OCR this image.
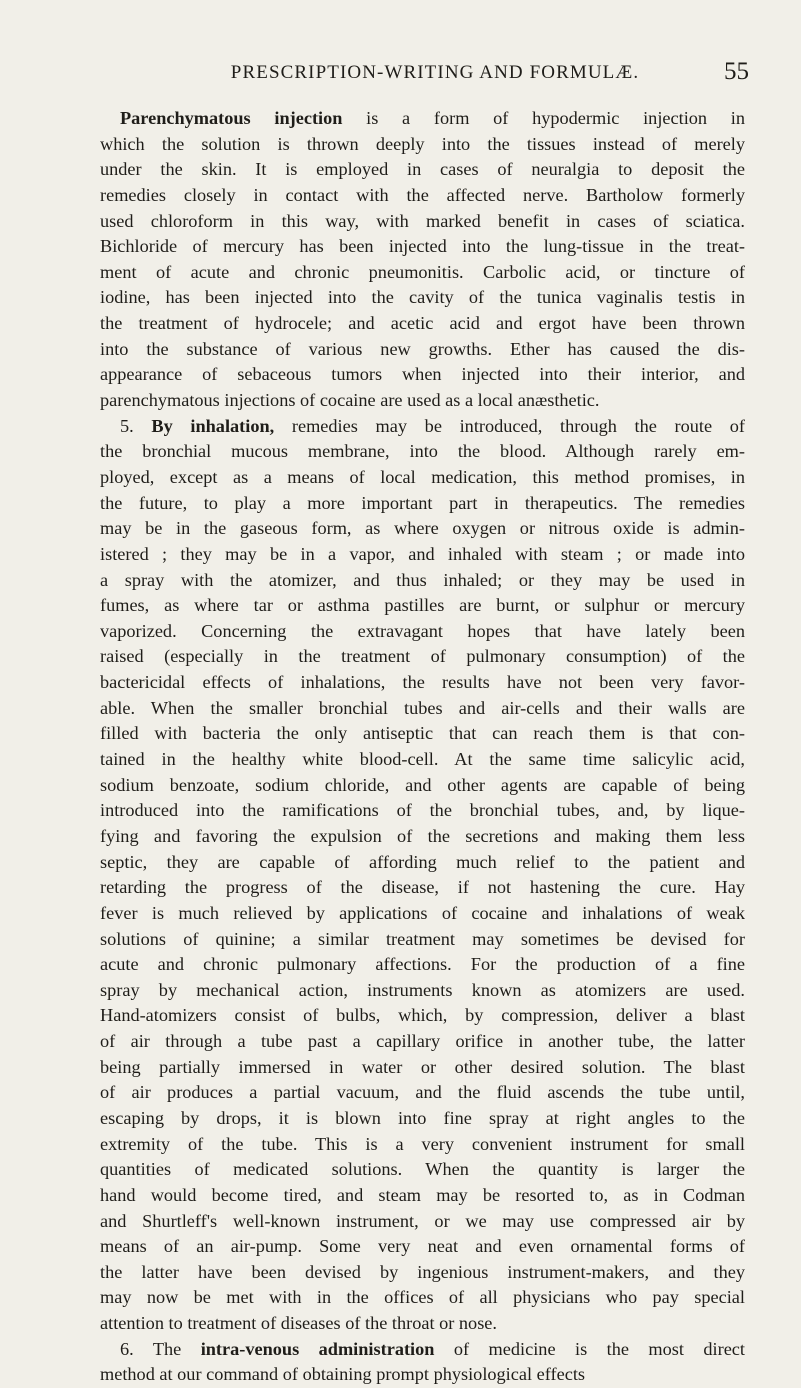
PRESCRIPTION-WRITING AND FORMULÆ.	55
Parenchymatous injection is a form of hypodermic injection in
which the solution is thrown deeply into the tissues instead of merely
under the skin. It is employed in cases of neuralgia to deposit the
remedies closely in contact with the affected nerve. Bartholow formerly
used chloroform in this way, with marked benefit in cases of sciatica.
Bichloride of mercury has been injected into the lung-tissue in the treat-
ment of acute and chronic pneumonitis. Carbolic acid, or tincture of
iodine, has been injected into the cavity of the tunica vaginalis testis in
the treatment of hydrocele; and acetic acid and ergot have been thrown
into the substance of various new growths. Ether has caused the dis-
appearance of sebaceous tumors when injected into their interior, and
parenchymatous injections of cocaine are used as a local anæsthetic.
5. By inhalation, remedies may be introduced, through the route of
the bronchial mucous membrane, into the blood. Although rarely em-
ployed, except as a means of local medication, this method promises, in
the future, to play a more important part in therapeutics. The remedies
may be in the gaseous form, as where oxygen or nitrous oxide is admin-
istered ; they may be in a vapor, and inhaled with steam ; or made into
a spray with the atomizer, and thus inhaled; or they may be used in
fumes, as where tar or asthma pastilles are burnt, or sulphur or mercury
vaporized. Concerning the extravagant hopes that have lately been
raised (especially in the treatment of pulmonary consumption) of the
bactericidal effects of inhalations, the results have not been very favor-
able. When the smaller bronchial tubes and air-cells and their walls are
filled with bacteria the only antiseptic that can reach them is that con-
tained in the healthy white blood-cell. At the same time salicylic acid,
sodium benzoate, sodium chloride, and other agents are capable of being
introduced into the ramifications of the bronchial tubes, and, by lique-
fying and favoring the expulsion of the secretions and making them less
septic, they are capable of affording much relief to the patient and
retarding the progress of the disease, if not hastening the cure. Hay
fever is much relieved by applications of cocaine and inhalations of weak
solutions of quinine; a similar treatment may sometimes be devised for
acute and chronic pulmonary affections. For the production of a fine
spray by mechanical action, instruments known as atomizers are used.
Hand-atomizers consist of bulbs, which, by compression, deliver a blast
of air through a tube past a capillary orifice in another tube, the latter
being partially immersed in water or other desired solution. The blast
of air produces a partial vacuum, and the fluid ascends the tube until,
escaping by drops, it is blown into fine spray at right angles to the
extremity of the tube. This is a very convenient instrument for small
quantities of medicated solutions. When the quantity is larger the
hand would become tired, and steam may be resorted to, as in Codman
and Shurtleff's well-known instrument, or we may use compressed air by
means of an air-pump. Some very neat and even ornamental forms of
the latter have been devised by ingenious instrument-makers, and they
may now be met with in the offices of all physicians who pay special
attention to treatment of diseases of the throat or nose.
6. The intra-venous administration of medicine is the most direct
method at our command of obtaining prompt physiological effects
